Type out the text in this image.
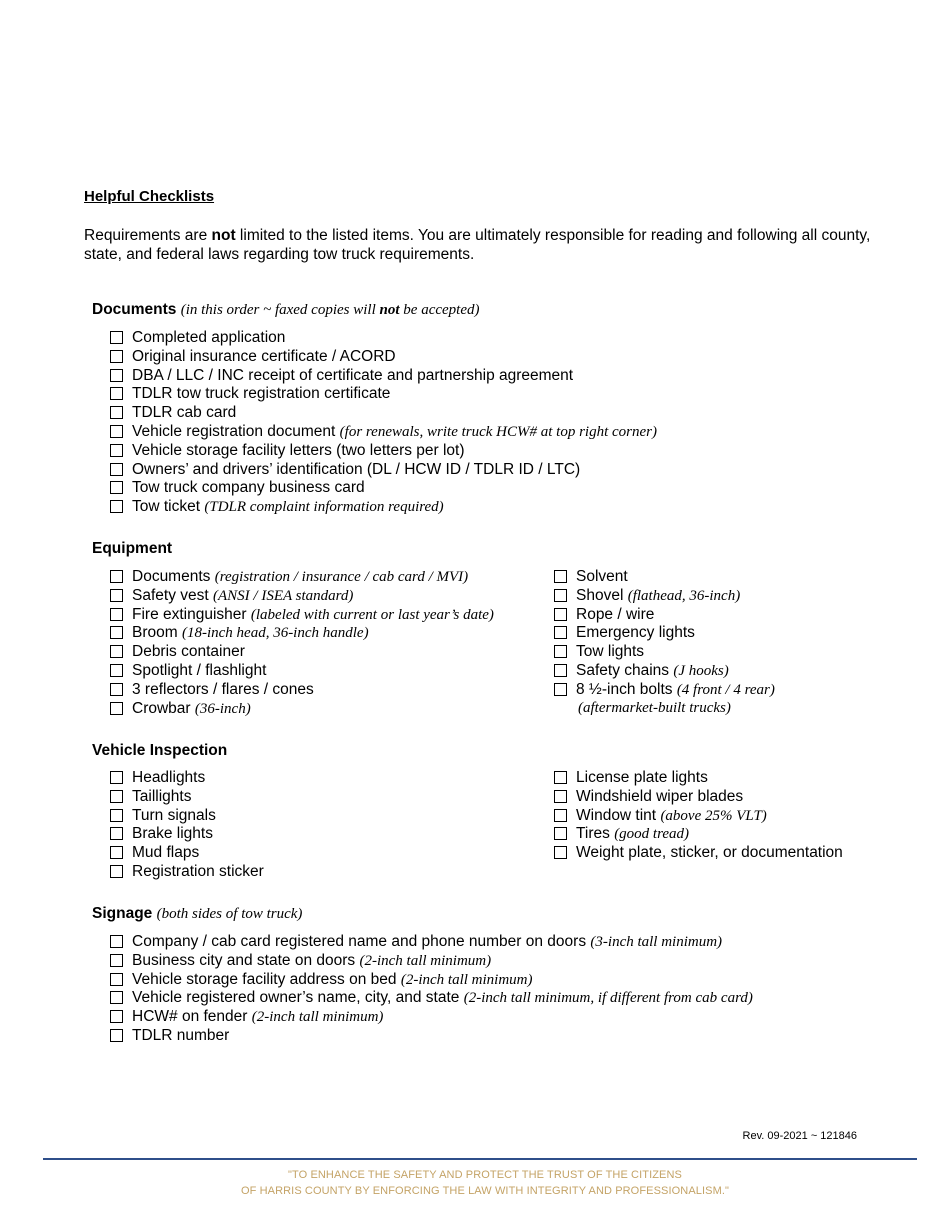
Helpful Checklists
Requirements are not limited to the listed items. You are ultimately responsible for reading and following all county, state, and federal laws regarding tow truck requirements.
Documents (in this order ~ faxed copies will not be accepted)
Completed application
Original insurance certificate / ACORD
DBA / LLC / INC receipt of certificate and partnership agreement
TDLR tow truck registration certificate
TDLR cab card
Vehicle registration document (for renewals, write truck HCW# at top right corner)
Vehicle storage facility letters (two letters per lot)
Owners’ and drivers’ identification (DL / HCW ID / TDLR ID / LTC)
Tow truck company business card
Tow ticket (TDLR complaint information required)
Equipment
Documents (registration / insurance / cab card / MVI)
Safety vest (ANSI / ISEA standard)
Fire extinguisher (labeled with current or last year’s date)
Broom (18-inch head, 36-inch handle)
Debris container
Spotlight / flashlight
3 reflectors / flares / cones
Crowbar (36-inch)
Solvent
Shovel (flathead, 36-inch)
Rope / wire
Emergency lights
Tow lights
Safety chains (J hooks)
8 ½-inch bolts (4 front / 4 rear)
(aftermarket-built trucks)
Vehicle Inspection
Headlights
Taillights
Turn signals
Brake lights
Mud flaps
Registration sticker
License plate lights
Windshield wiper blades
Window tint (above 25% VLT)
Tires (good tread)
Weight plate, sticker, or documentation
Signage (both sides of tow truck)
Company / cab card registered name and phone number on doors (3-inch tall minimum)
Business city and state on doors (2-inch tall minimum)
Vehicle storage facility address on bed (2-inch tall minimum)
Vehicle registered owner’s name, city, and state (2-inch tall minimum, if different from cab card)
HCW# on fender (2-inch tall minimum)
TDLR number
Rev. 09-2021 ~ 121846
"TO ENHANCE THE SAFETY AND PROTECT THE TRUST OF THE CITIZENS
OF HARRIS COUNTY BY ENFORCING THE LAW WITH INTEGRITY AND PROFESSIONALISM."
